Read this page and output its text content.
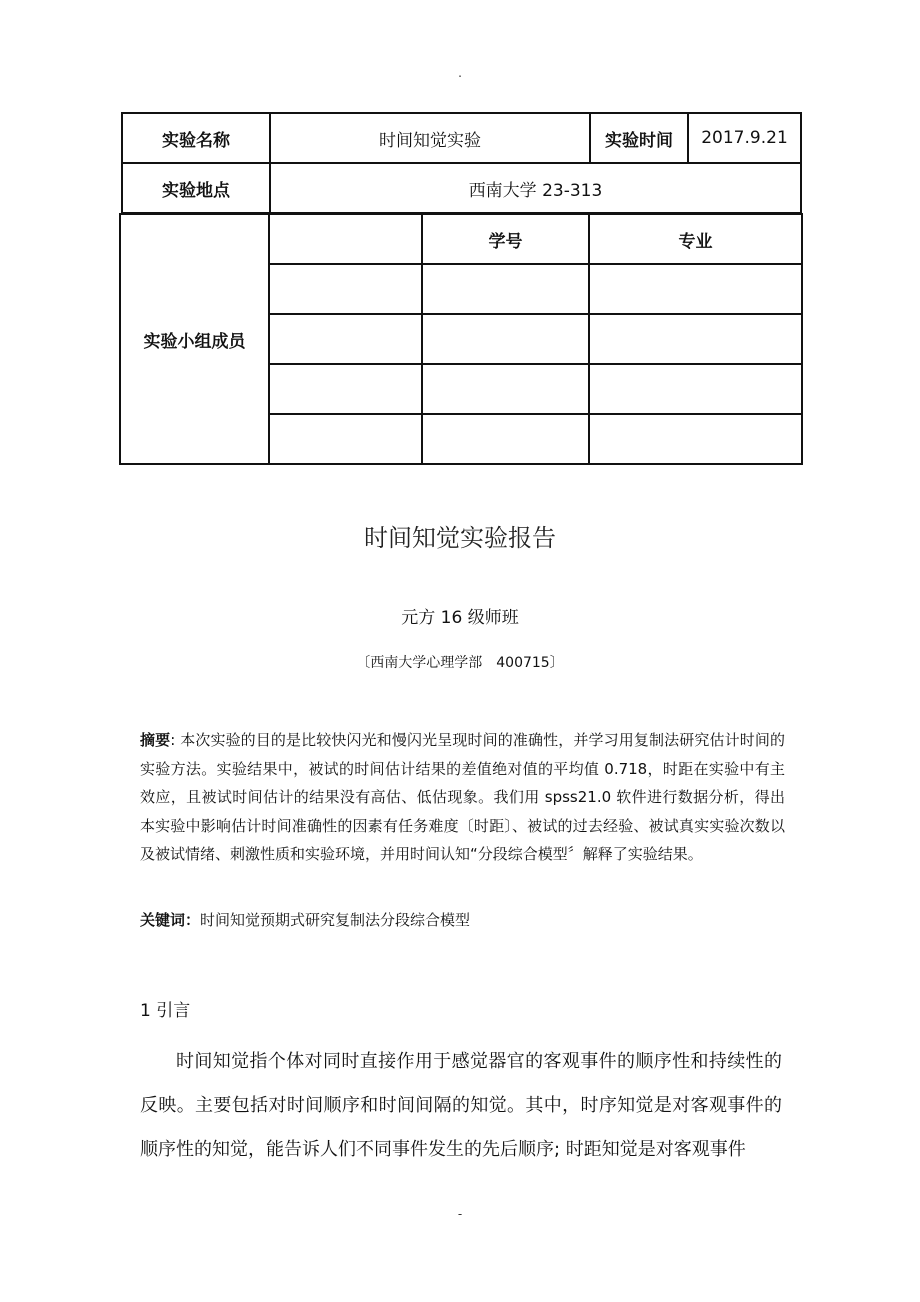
.
实验名称	时间知觉实验	实验时间	2017.9.21
实验地点	西南大学 23-313		
实验小组成员		学号	专业

时间知觉实验报告
元方 16 级师班
〔西南大学心理学部　400715〕
摘要: 本次实验的目的是比较快闪光和慢闪光呈现时间的准确性，并学习用复制法研究估计时间的实验方法。实验结果中，被试的时间估计结果的差值绝对值的平均值 0.718，时距在实验中有主效应，且被试时间估计的结果没有高估、低估现象。我们用 spss21.0 软件进行数据分析，得出本实验中影响估计时间准确性的因素有任务难度〔时距〕、被试的过去经验、被试真实实验次数以及被试情绪、刺激性质和实验环境，并用时间认知“分段综合模型〞解释了实验结果。
关键词：时间知觉预期式研究复制法分段综合模型
1 引言
时间知觉指个体对同时直接作用于感觉器官的客观事件的顺序性和持续性的反映。主要包括对时间顺序和时间间隔的知觉。其中，时序知觉是对客观事件的顺序性的知觉，能告诉人们不同事件发生的先后顺序; 时距知觉是对客观事件
-
